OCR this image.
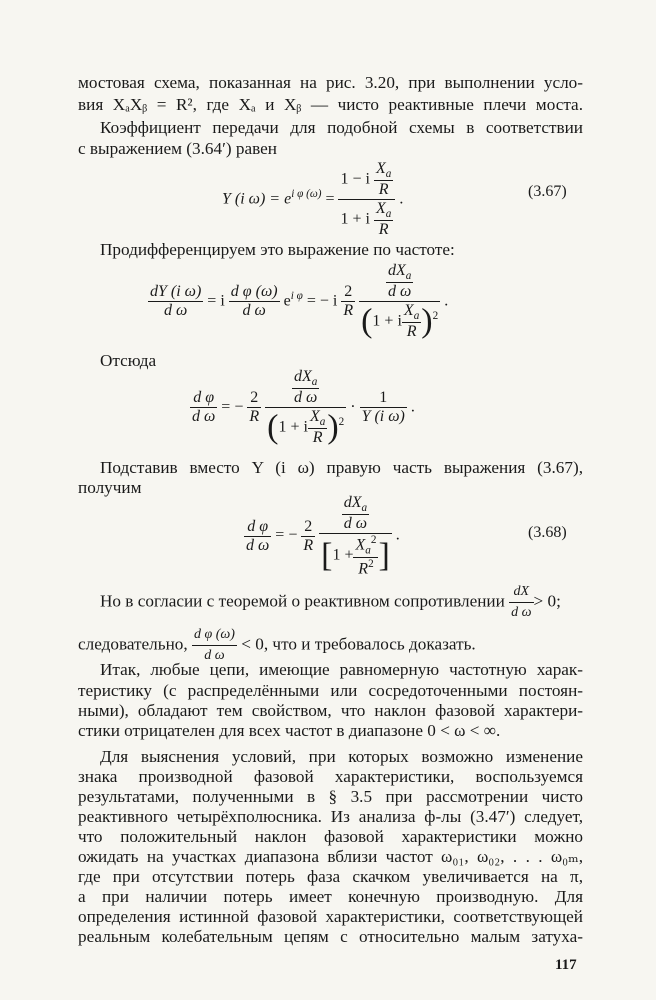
мостовая схема, показанная на рис. 3.20, при выполнении усло-
вия XₐXᵦ = R², где Xₐ и Xᵦ — чисто реактивные плечи моста.
Коэффициент передачи для подобной схемы в соответствии
с выражением (3.64′) равен
Y (i $\omega) = e^{i \varphi (\omega)} = \frac{1 - i \frac{X_a}{R}}{1 + i \frac{X_a}{R}}$ .	(3.67)
Продифференцируем это выражение по частоте:
$\frac{\text{dY (i ω)}}{\text{d ω}} = i \frac{\text{d φ (ω)}}{\text{d ω}} e^{i \varphi}$ = − i $\frac{2}{R}$
$\frac{\frac{dX_a}{\text{d ω}}}{(1 + i \frac{X_a}{R} )^2}$ .
Отсюда
$\frac{\text{d φ}}{\text{d ω}}$ = − $\frac{2}{R}$
$\frac{\frac{dX_a}{\text{d ω}}}{(1 + i \frac{X_a}{R} )^2} \cdot \frac{1}{\text{Y (i ω)}}$ .
Подставив вместо Y (i ω) правую часть выражения (3.67),
получим
$\frac{\text{d φ}}{\text{d ω}}$ = − $\frac{2}{R}$
$\frac{\frac{dX_a}{\text{d ω}}}{[1 + \frac{X_a^2}{R^2} ]}$ .	(3.68)
Но в согласии с теоремой о реактивном сопротивлении $\frac{dX}{\text{d ω}} > 0$;
следовательно, $\frac{\text{d φ (ω)}}{\text{d ω}} < 0$, что и требовалось доказать.
Итак, любые цепи, имеющие равномерную частотную харак-
теристику (с распределёнными или сосредоточенными постоян-
ными), обладают тем свойством, что наклон фазовой характери-
стики отрицателен для всех частот в диапазоне 0 < ω < ∞.
Для выяснения условий, при которых возможно изменение
знака производной фазовой характеристики, воспользуемся
результатами, полученными в § 3.5 при рассмотрении чисто
реактивного четырёхполюсника. Из анализа ф-лы (3.47′) следует,
что положительный наклон фазовой характеристики можно
ожидать на участках диапазона вблизи частот ω₀₁, ω₀₂, . . . ω₀ₘ,
где при отсутствии потерь фаза скачком увеличивается на π,
а при наличии потерь имеет конечную производную. Для
определения истинной фазовой характеристики, соответствующей
реальным колебательным цепям с относительно малым затуха-
117
